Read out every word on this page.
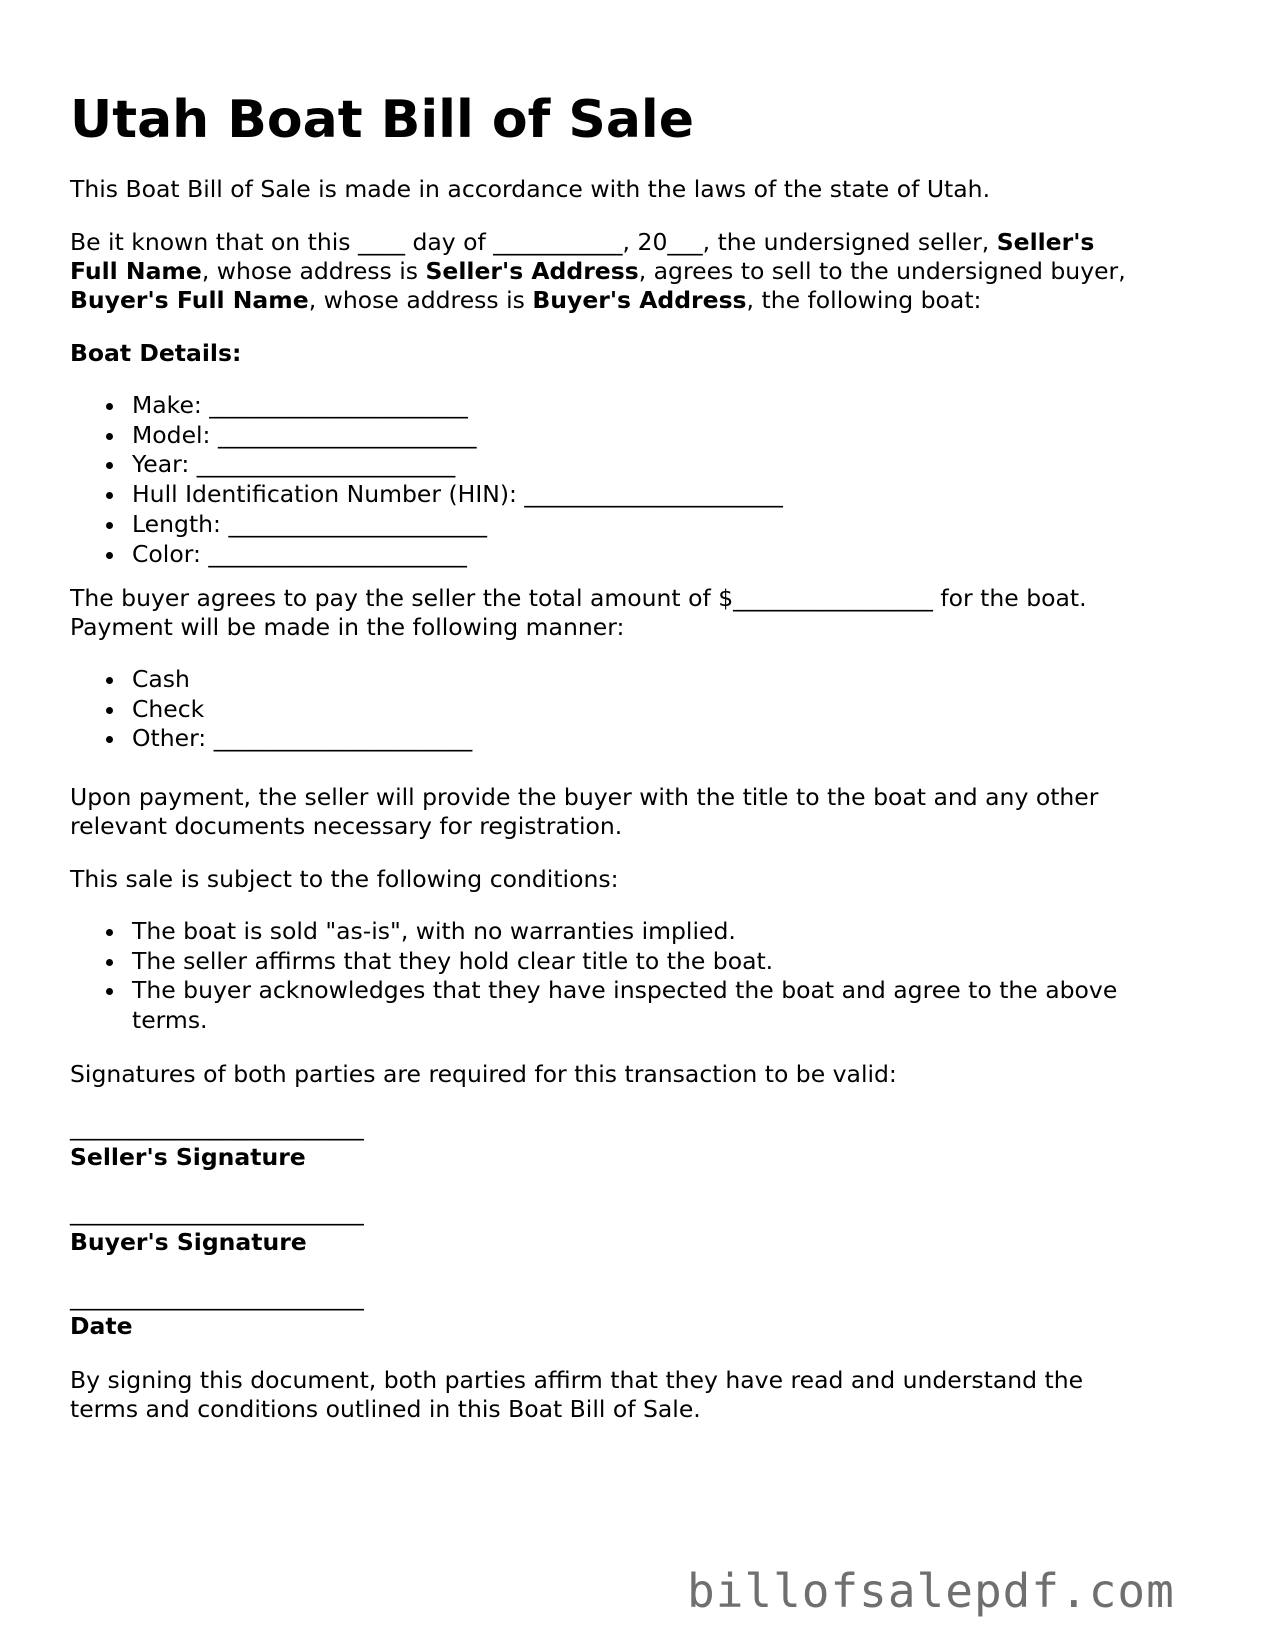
Utah Boat Bill of Sale

This Boat Bill of Sale is made in accordance with the laws of the state of Utah.

Be it known that on this ____ day of ___________, 20___, the undersigned seller, Seller's

Full Name, whose address is Seller's Address, agrees to sell to the undersigned buyer,

Buyer's Full Name, whose address is Buyer's Address, the following boat:

Boat Details:

Make: ______________________
Model: ______________________
Year: ______________________
Hull Identification Number (HIN): ______________________
Length: ______________________
Color: ______________________

The buyer agrees to pay the seller the total amount of $_________________ for the boat.

Payment will be made in the following manner:

Cash
Check
Other: ______________________

Upon payment, the seller will provide the buyer with the title to the boat and any other

relevant documents necessary for registration.

This sale is subject to the following conditions:

The boat is sold "as-is", with no warranties implied.
The seller affirms that they hold clear title to the boat.
The buyer acknowledges that they have inspected the boat and agree to the above
terms.

Signatures of both parties are required for this transaction to be valid:

_________________________
Seller's Signature
_________________________
Buyer's Signature
_________________________
Date

By signing this document, both parties affirm that they have read and understand the

terms and conditions outlined in this Boat Bill of Sale.

billofsalepdf.com
